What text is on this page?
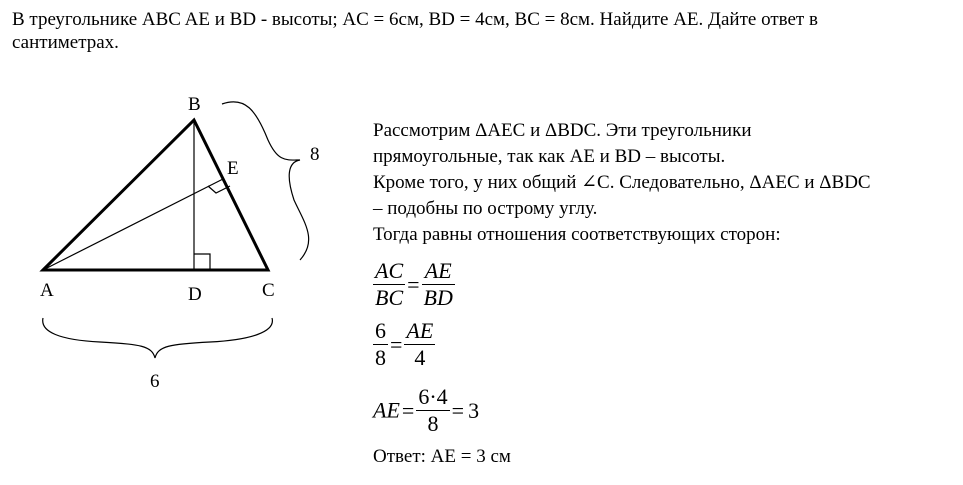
В треугольнике ABC AE и BD - высоты; AC = 6см, BD = 4см, BC = 8см. Найдите AE. Дайте ответ в
сантиметрах.

B
E
A	D	C
8
6

Рассмотрим ΔAEC и ΔBDC. Эти треугольники

прямоугольные, так как AE и BD – высоты.

Кроме того, у них общий ∠C. Следовательно, ΔAEC и ΔBDC

– подобны по острому углу.

Тогда равны отношения соответствующих сторон:

$\frac{AC}{BC} = \frac{AE}{BD}$
$\frac{6}{8} = \frac{AE}{4}$
$AE= \frac{6\cdot 4}{8} = 3$

Ответ: AE = 3 см
